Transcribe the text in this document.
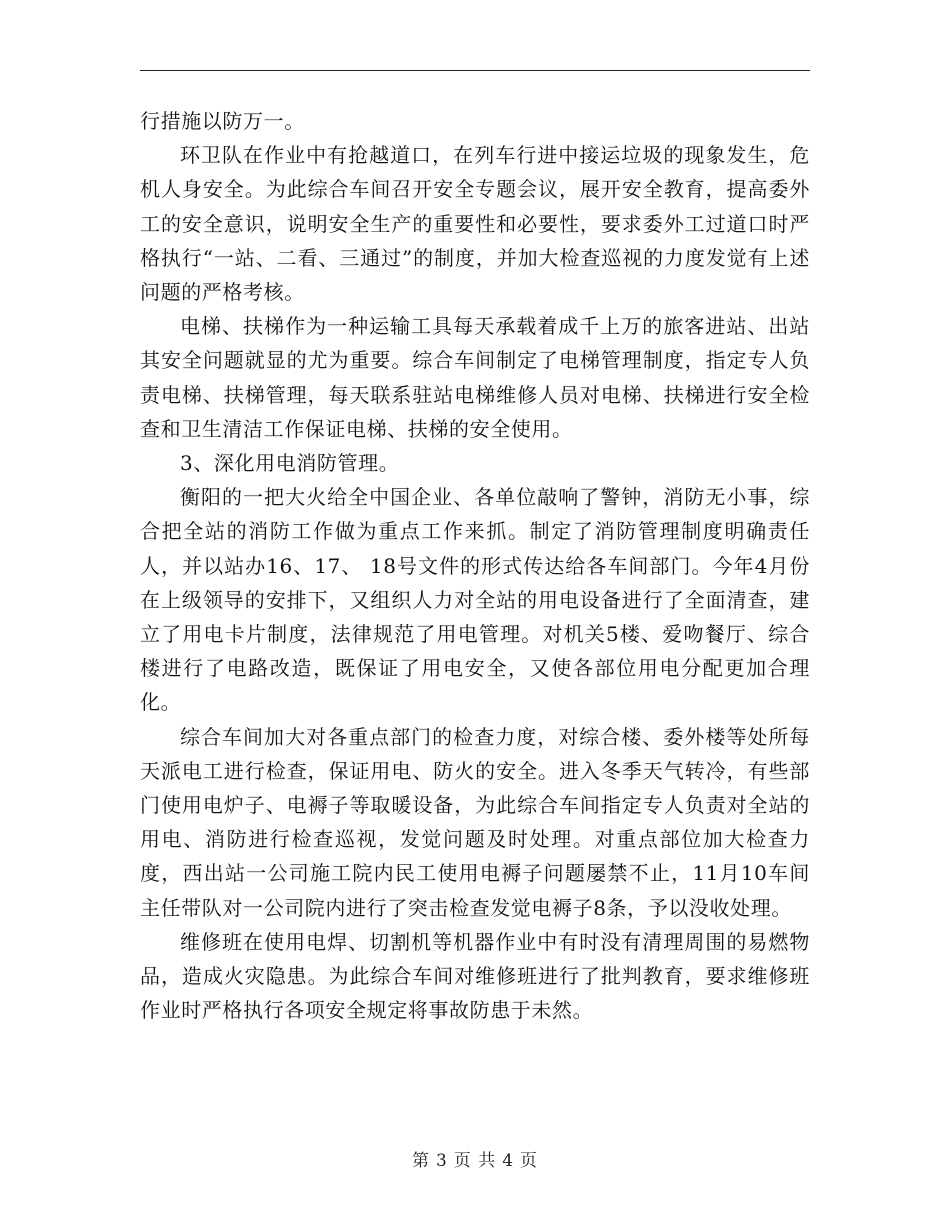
行措施以防万一。

环卫队在作业中有抢越道口，在列车行进中接运垃圾的现象发生，危机人身安全。为此综合车间召开安全专题会议，展开安全教育，提高委外工的安全意识，说明安全生产的重要性和必要性，要求委外工过道口时严格执行“一站、二看、三通过”的制度，并加大检查巡视的力度发觉有上述问题的严格考核。

电梯、扶梯作为一种运输工具每天承载着成千上万的旅客进站、出站其安全问题就显的尤为重要。综合车间制定了电梯管理制度，指定专人负责电梯、扶梯管理，每天联系驻站电梯维修人员对电梯、扶梯进行安全检查和卫生清洁工作保证电梯、扶梯的安全使用。

3、深化用电消防管理。

衡阳的一把大火给全中国企业、各单位敲响了警钟，消防无小事，综合把全站的消防工作做为重点工作来抓。制定了消防管理制度明确责任人，并以站办16、17、 18号文件的形式传达给各车间部门。今年4月份在上级领导的安排下，又组织人力对全站的用电设备进行了全面清查，建立了用电卡片制度，法律规范了用电管理。对机关5楼、爱吻餐厅、综合楼进行了电路改造，既保证了用电安全，又使各部位用电分配更加合理化。

综合车间加大对各重点部门的检查力度，对综合楼、委外楼等处所每天派电工进行检查，保证用电、防火的安全。进入冬季天气转冷，有些部门使用电炉子、电褥子等取暖设备，为此综合车间指定专人负责对全站的用电、消防进行检查巡视，发觉问题及时处理。对重点部位加大检查力度，西出站一公司施工院内民工使用电褥子问题屡禁不止，11月10车间主任带队对一公司院内进行了突击检查发觉电褥子8条，予以没收处理。

维修班在使用电焊、切割机等机器作业中有时没有清理周围的易燃物品，造成火灾隐患。为此综合车间对维修班进行了批判教育，要求维修班作业时严格执行各项安全规定将事故防患于未然。

第 3 页 共 4 页
